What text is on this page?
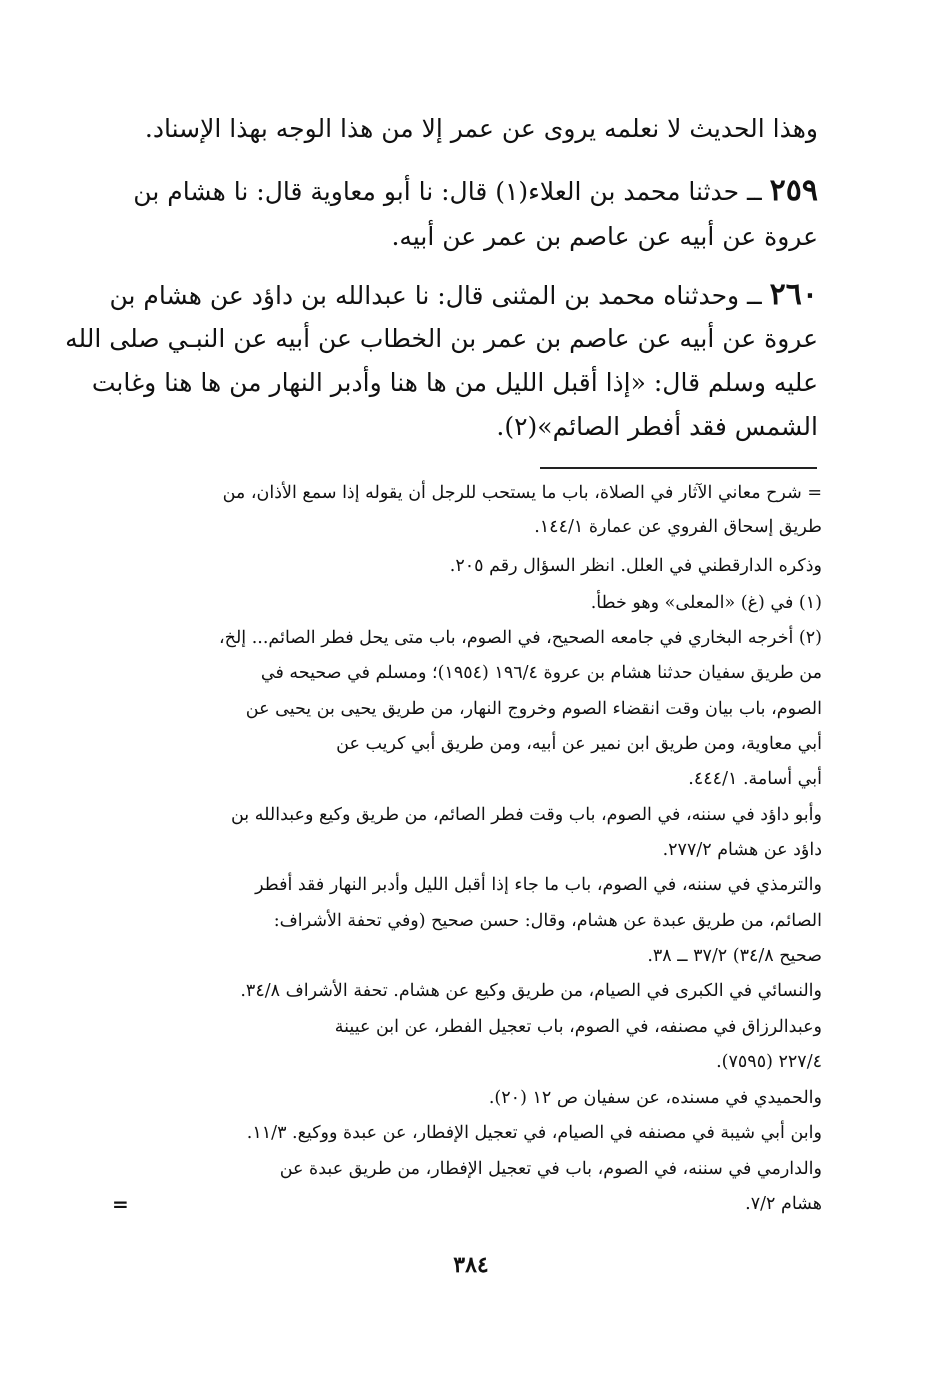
وهذا الحديث لا نعلمه يروى عن عمر إلا من هذا الوجه بهذا الإسناد.
٢٥٩ ــ حدثنا محمد بن العلاء(١) قال: نا أبو معاوية قال: نا هشام بن
عروة عن أبيه عن عاصم بن عمر عن أبيه.
٢٦٠ ــ وحدثناه محمد بن المثنى قال: نا عبدالله بن داؤد عن هشام بن
عروة عن أبيه عن عاصم بن عمر بن الخطاب عن أبيه عن النبـي صلى الله
عليه وسلم قال: «إذا أقبل الليل من ها هنا وأدبر النهار من ها هنا وغابت
الشمس فقد أفطر الصائم»(٢).
= شرح معاني الآثار في الصلاة، باب ما يستحب للرجل أن يقوله إذا سمع الأذان، من
طريق إسحاق الفروي عن عمارة ١٤٤/١.
وذكره الدارقطني في العلل. انظر السؤال رقم ٢٠٥.
(١) في (غ) «المعلى» وهو خطأ.
(٢) أخرجه البخاري في جامعه الصحيح، في الصوم، باب متى يحل فطر الصائم... إلخ،
من طريق سفيان حدثنا هشام بن عروة ١٩٦/٤ (١٩٥٤)؛ ومسلم في صحيحه في
الصوم، باب بيان وقت انقضاء الصوم وخروج النهار، من طريق يحيى بن يحيى عن
أبي معاوية، ومن طريق ابن نمير عن أبيه، ومن طريق أبي كريب عن
أبي أسامة. ٤٤٤/١.
وأبو داؤد في سننه، في الصوم، باب وقت فطر الصائم، من طريق وكيع وعبدالله بن
داؤد عن هشام ٢٧٧/٢.
والترمذي في سننه، في الصوم، باب ما جاء إذا أقبل الليل وأدبر النهار فقد أفطر
الصائم، من طريق عبدة عن هشام، وقال: حسن صحيح (وفي تحفة الأشراف:
صحيح ٣٤/٨) ٣٧/٢ ــ ٣٨.
والنسائي في الكبرى في الصيام، من طريق وكيع عن هشام. تحفة الأشراف ٣٤/٨.
وعبدالرزاق في مصنفه، في الصوم، باب تعجيل الفطر، عن ابن عيينة
٢٢٧/٤ (٧٥٩٥).
والحميدي في مسنده، عن سفيان ص ١٢ (٢٠).
وابن أبي شيبة في مصنفه في الصيام، في تعجيل الإفطار، عن عبدة ووكيع. ١١/٣.
والدارمي في سننه، في الصوم، باب في تعجيل الإفطار، من طريق عبدة عن
هشام ٧/٢.
=
٣٨٤
